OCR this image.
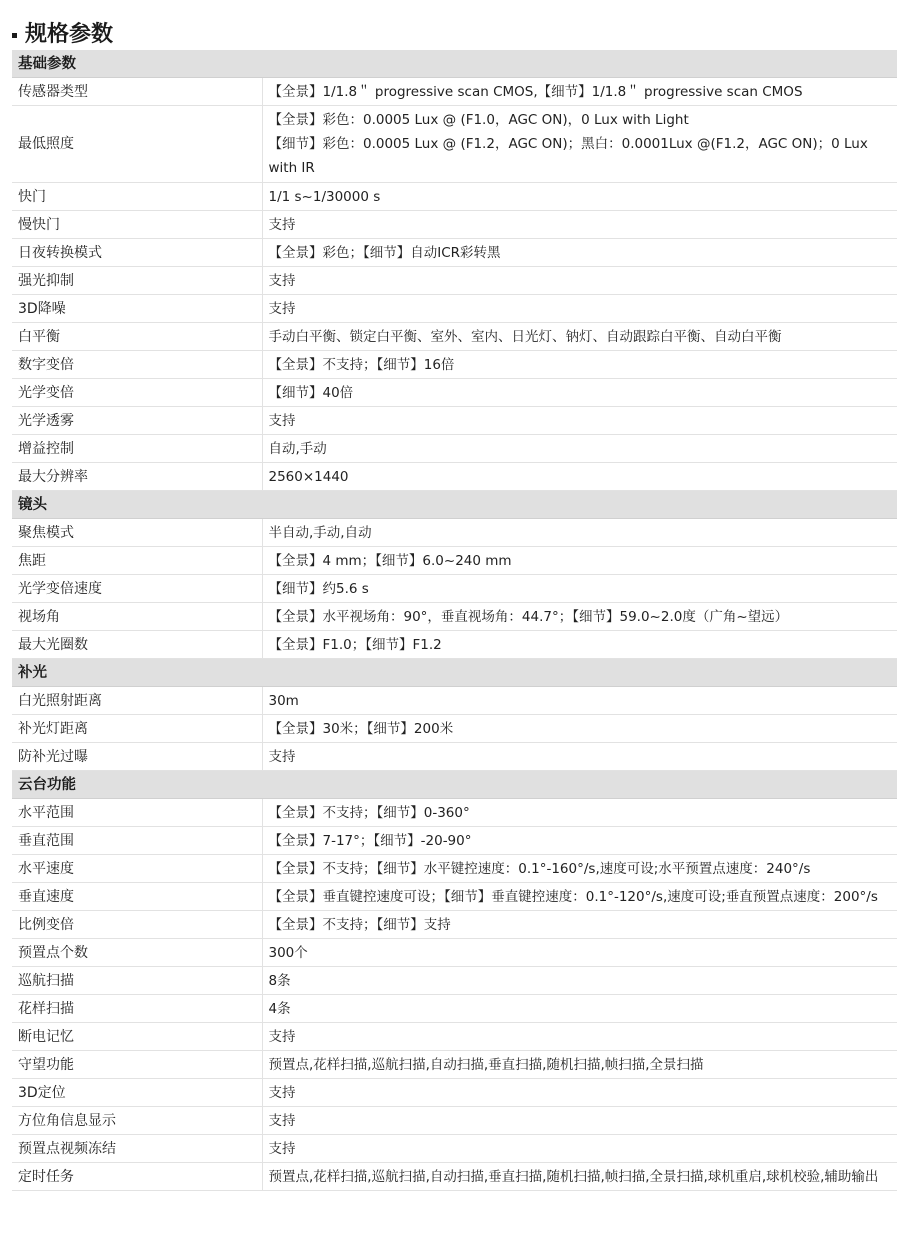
规格参数
基础参数	
传感器类型	【全景】1/1.8＂ progressive scan CMOS,【细节】1/1.8＂ progressive scan CMOS

最低照度	【全景】彩色：0.0005 Lux @ (F1.0，AGC ON)，0 Lux with Light
【细节】彩色：0.0005 Lux @ (F1.2，AGC ON)；黑白：0.0001Lux @(F1.2，AGC ON)；0 Lux with IR

快门	1/1 s~1/30000 s

慢快门	支持

日夜转换模式	【全景】彩色；【细节】自动ICR彩转黑

强光抑制	支持

3D降噪	支持

白平衡	手动白平衡、锁定白平衡、室外、室内、日光灯、钠灯、自动跟踪白平衡、自动白平衡

数字变倍	【全景】不支持；【细节】16倍

光学变倍	【细节】40倍

光学透雾	支持

增益控制	自动,手动

最大分辨率	2560×1440

镜头	
聚焦模式	半自动,手动,自动

焦距	【全景】4 mm；【细节】6.0~240 mm

光学变倍速度	【细节】约5.6 s

视场角	【全景】水平视场角：90°，垂直视场角：44.7°；【细节】59.0~2.0度（广角~望远）

最大光圈数	【全景】F1.0；【细节】F1.2

补光	
白光照射距离	30m

补光灯距离	【全景】30米；【细节】200米

防补光过曝	支持

云台功能	
水平范围	【全景】不支持；【细节】0-360°

垂直范围	【全景】7-17°；【细节】-20-90°

水平速度	【全景】不支持；【细节】水平键控速度：0.1°-160°/s,速度可设;水平预置点速度：240°/s

垂直速度	【全景】垂直键控速度可设；【细节】垂直键控速度：0.1°-120°/s,速度可设;垂直预置点速度：200°/s

比例变倍	【全景】不支持；【细节】支持

预置点个数	300个

巡航扫描	8条

花样扫描	4条

断电记忆	支持

守望功能	预置点,花样扫描,巡航扫描,自动扫描,垂直扫描,随机扫描,帧扫描,全景扫描

3D定位	支持

方位角信息显示	支持

预置点视频冻结	支持

定时任务	预置点,花样扫描,巡航扫描,自动扫描,垂直扫描,随机扫描,帧扫描,全景扫描,球机重启,球机校验,辅助输出
